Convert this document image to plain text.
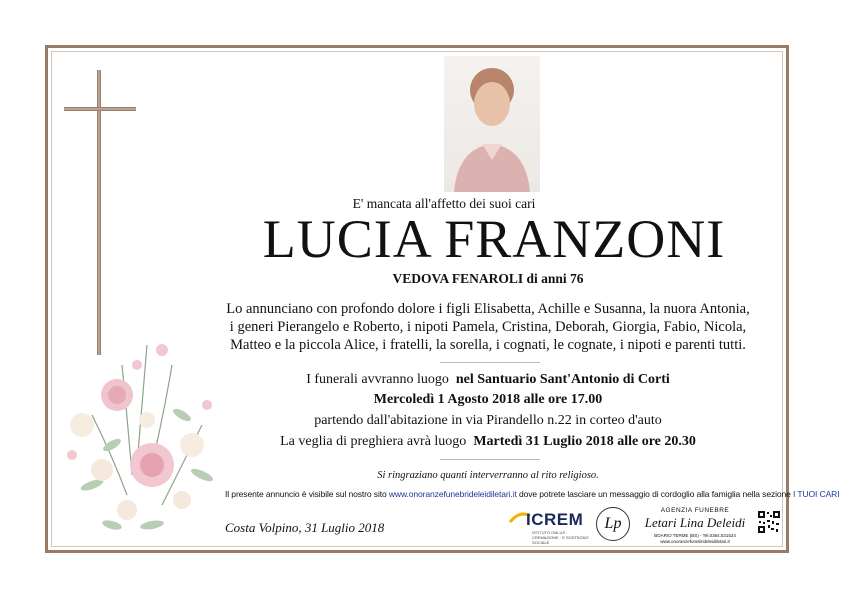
E' mancata all'affetto dei suoi cari
LUCIA FRANZONI
VEDOVA FENAROLI di anni 76
Lo annunciano con profondo dolore i figli Elisabetta, Achille e Susanna, la nuora Antonia,
i generi Pierangelo e Roberto, i nipoti Pamela, Cristina, Deborah, Giorgia, Fabio, Nicola,
Matteo e la piccola Alice, i fratelli, la sorella, i cognati, le cognate, i nipoti e parenti tutti.
I funerali avvranno luogo nel Santuario Sant'Antonio di Corti
Mercoledì 1 Agosto 2018 alle ore 17.00
partendo dall'abitazione in via Pirandello n.22 in corteo d'auto
La veglia di preghiera avrà luogo Martedì 31 Luglio 2018 alle ore 20.30
Si ringraziano quanti interverranno al rito religioso.
Il presente annuncio è visibile sul nostro sito www.onoranzefunebrideleidiletari.it dove potrete lasciare un messaggio di cordoglio alla famiglia nella sezione I TUOI CARI
Costa Volpino, 31 Luglio 2018	ICREM
ISTITUTO ONLUS · CREMAZIONE · E SOSTEGNO SOCIALE
Lp
AGENZIA FUNEBRE
Letari Lina Deleidi
BOARIO TERME (BS) - Tel.0364.531524
www.onoranzefunebrideleidiletari.it
